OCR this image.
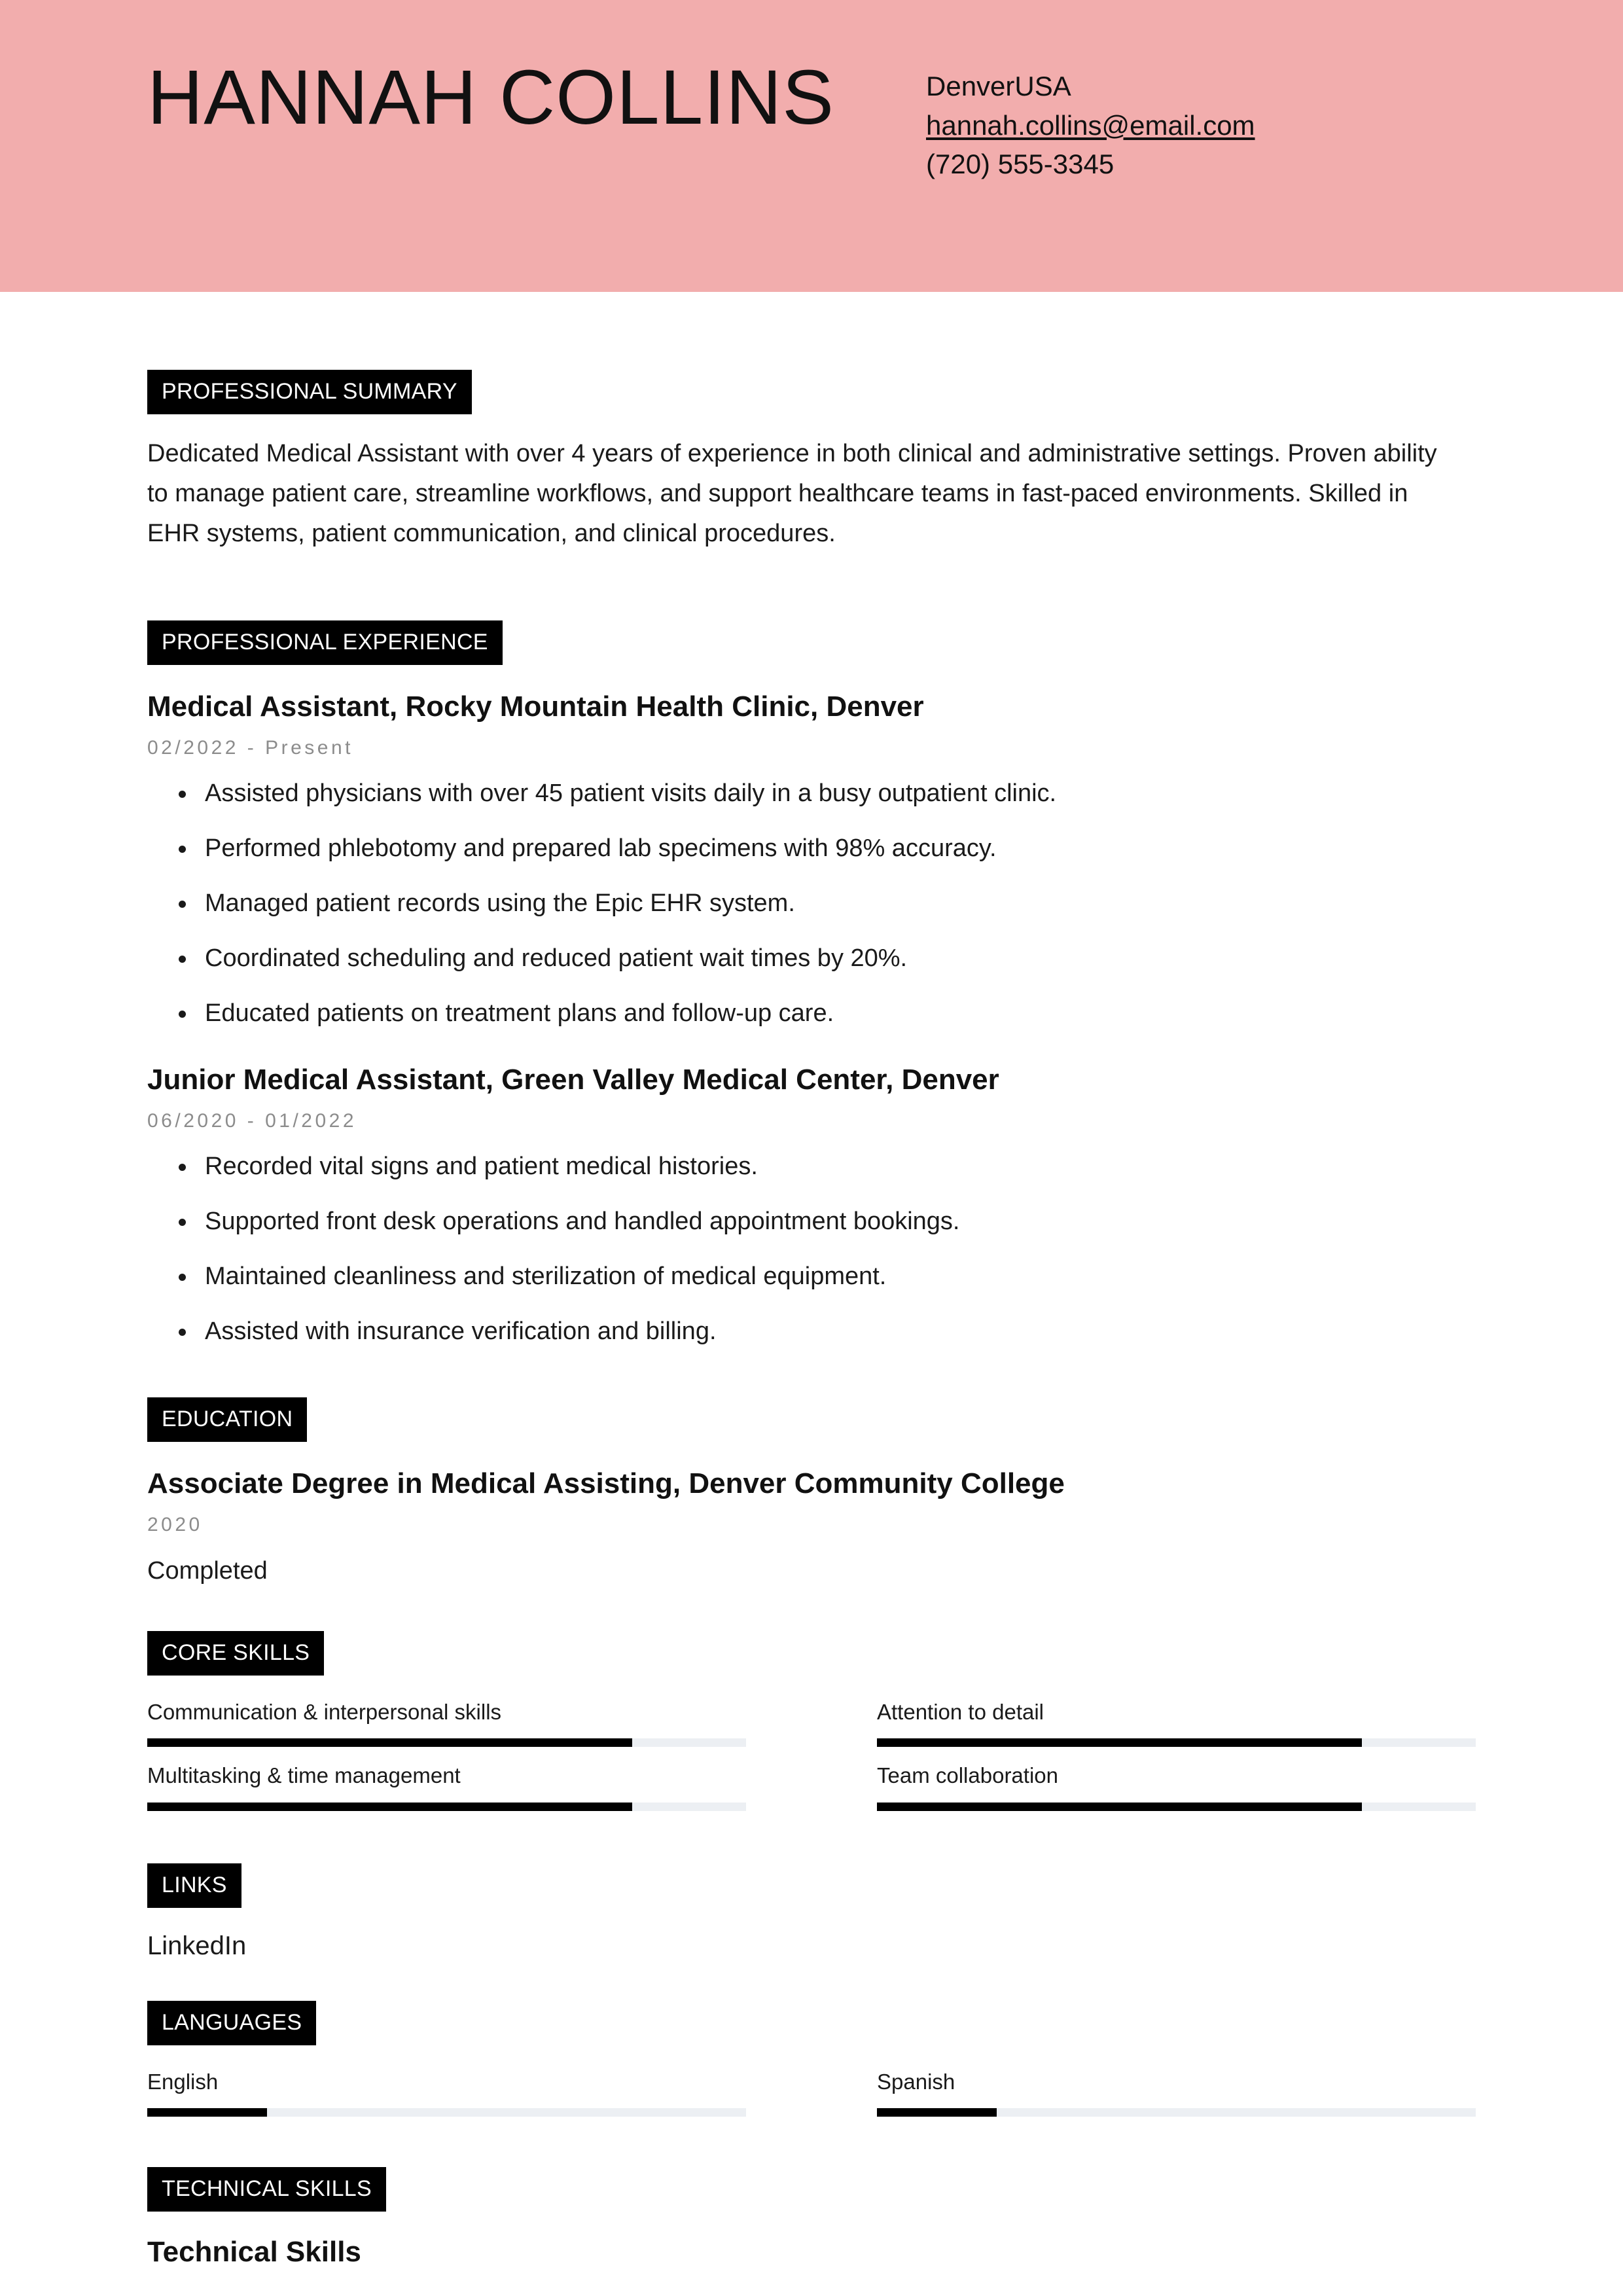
HANNAH COLLINS	DenverUSA
hannah.collins@email.com
(720) 555-3345
PROFESSIONAL SUMMARY

Dedicated Medical Assistant with over 4 years of experience in both clinical and administrative settings. Proven ability to manage patient care, streamline workflows, and support healthcare teams in fast-paced environments. Skilled in EHR systems, patient communication, and clinical procedures.

PROFESSIONAL EXPERIENCE
Medical Assistant, Rocky Mountain Health Clinic, Denver
02/2022 - Present
Assisted physicians with over 45 patient visits daily in a busy outpatient clinic.
Performed phlebotomy and prepared lab specimens with 98% accuracy.
Managed patient records using the Epic EHR system.
Coordinated scheduling and reduced patient wait times by 20%.
Educated patients on treatment plans and follow-up care.
Junior Medical Assistant, Green Valley Medical Center, Denver
06/2020 - 01/2022
Recorded vital signs and patient medical histories.
Supported front desk operations and handled appointment bookings.
Maintained cleanliness and sterilization of medical equipment.
Assisted with insurance verification and billing.
EDUCATION
Associate Degree in Medical Assisting, Denver Community College
2020
Completed
CORE SKILLS
Communication & interpersonal skills	Attention to detail
Multitasking & time management	Team collaboration
LINKS
LinkedIn
LANGUAGES
English	Spanish
TECHNICAL SKILLS
Technical Skills
